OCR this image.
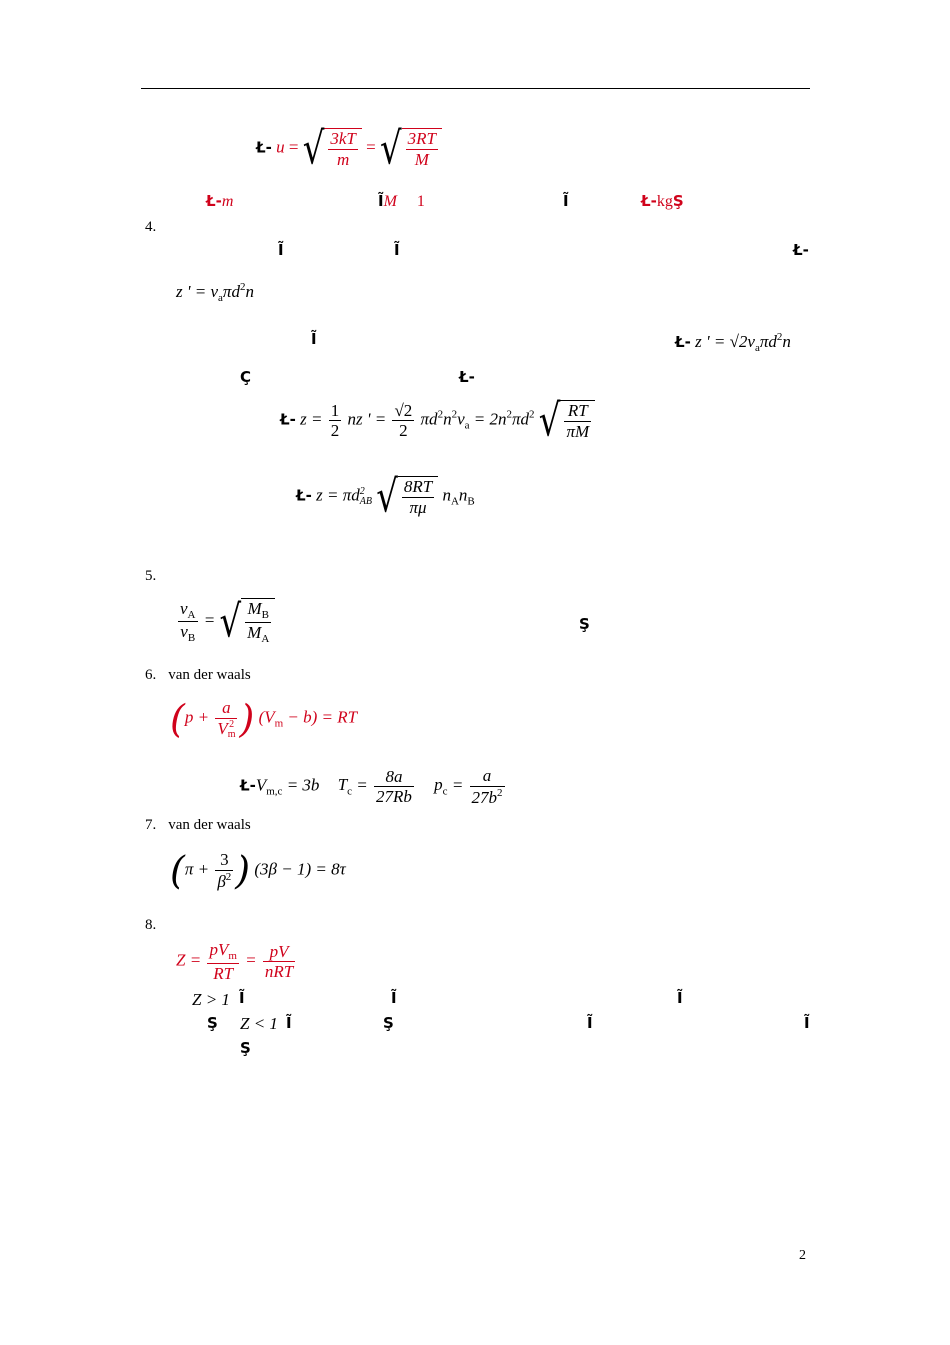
Ł- u = √ $\frac{3kT}{m}$ = √ $\frac{3RT}{M}$
Ł-m	ĨM 1	Ĩ	Ł-kgŞ
4.
Ĩ	Ĩ	Ł-
z ' = $v_a\pi d^2n$
Ĩ	Ł- z ' = $√2v_a\pi d^2n$
Ç	Ł-
Ł- $z = \frac{1}{2}$ nz ' = $\frac{√2}{2} \pi d^2n^2v_a = 2n^2\pi d^2$ √ $\frac{RT}{\pi M}$
Ł- z = πd 2
AB √ $\frac{8RT}{\pi\mu} n_An_B$
5.
$\frac{v_A}{v_B}$ = √ $\frac{M_B}{M_A}$	Ş
6. van der waals
(p + a
V 2
m ) $(V_m - b)$ = RT
$Ł-V_{m,c} = 3b$ $T_c = \frac{8a}{27Rb} p_c = \frac{a}{27b^2}$
7. van der waals
($\pi + \frac{3}{\beta^2}$ ) (3β − 1) = 8τ
8.
$Z = \frac{pV_m}{RT} = \frac{pV}{\text{nRT}}$
Z > 1 Ĩ	Ĩ	Ĩ
Ş Z < 1 Ĩ	Ş	Ĩ	Ĩ
Ş
2
